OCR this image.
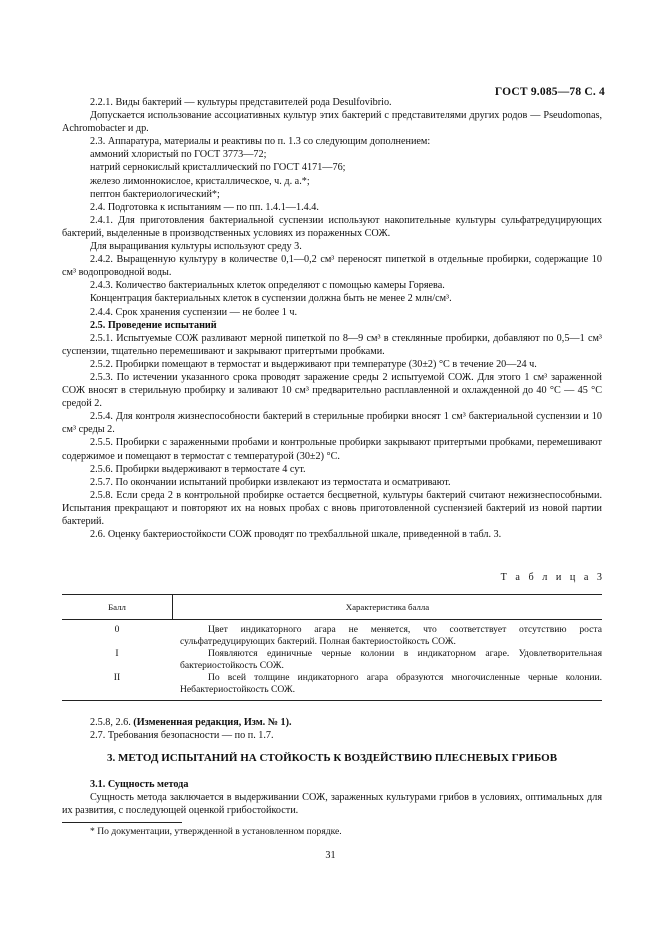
ГОСТ 9.085—78 С. 4

2.2.1. Виды бактерий — культуры представителей рода Desulfovibrio.

Допускается использование ассоциативных культур этих бактерий с представителями других родов — Pseudomonas, Achromobacter и др.

2.3. Аппаратура, материалы и реактивы по п. 1.3 со следующим дополнением:

аммоний хлористый по ГОСТ 3773—72;

натрий сернокислый кристаллический по ГОСТ 4171—76;

железо лимоннокислое, кристаллическое, ч. д. а.*;

пептон бактериологический*;

2.4. Подготовка к испытаниям — по пп. 1.4.1—1.4.4.

2.4.1. Для приготовления бактериальной суспензии используют накопительные культуры сульфатредуцирующих бактерий, выделенные в производственных условиях из пораженных СОЖ.

Для выращивания культуры используют среду 3.

2.4.2. Выращенную культуру в количестве 0,1—0,2 см³ переносят пипеткой в отдельные пробирки, содержащие 10 см³ водопроводной воды.

2.4.3. Количество бактериальных клеток определяют с помощью камеры Горяева.

Концентрация бактериальных клеток в суспензии должна быть не менее 2 млн/см³.

2.4.4. Срок хранения суспензии — не более 1 ч.

2.5. Проведение испытаний

2.5.1. Испытуемые СОЖ разливают мерной пипеткой по 8—9 см³ в стеклянные пробирки, добавляют по 0,5—1 см³ суспензии, тщательно перемешивают и закрывают притертыми пробками.

2.5.2. Пробирки помещают в термостат и выдерживают при температуре (30±2) °С в течение 20—24 ч.

2.5.3. По истечении указанного срока проводят заражение среды 2 испытуемой СОЖ. Для этого 1 см³ зараженной СОЖ вносят в стерильную пробирку и заливают 10 см³ предварительно расплавленной и охлажденной до 40 °С — 45 °С средой 2.

2.5.4. Для контроля жизнеспособности бактерий в стерильные пробирки вносят 1 см³ бактериальной суспензии и 10 см³ среды 2.

2.5.5. Пробирки с зараженными пробами и контрольные пробирки закрывают притертыми пробками, перемешивают содержимое и помещают в термостат с температурой (30±2) °С.

2.5.6. Пробирки выдерживают в термостате 4 сут.

2.5.7. По окончании испытаний пробирки извлекают из термостата и осматривают.

2.5.8. Если среда 2 в контрольной пробирке остается бесцветной, культуры бактерий считают нежизнеспособными. Испытания прекращают и повторяют их на новых пробах с вновь приготовленной суспензией бактерий из новой партии бактерий.

2.6. Оценку бактериостойкости СОЖ проводят по трехбалльной шкале, приведенной в табл. 3.

Т а б л и ц а 3
Балл	Характеристика балла
0	Цвет индикаторного агара не меняется, что соответствует отсутствию роста сульфатредуцирующих бактерий. Полная бактериостойкость СОЖ.
I	Появляются единичные черные колонии в индикаторном агаре. Удовлетворительная бактериостойкость СОЖ.
II	По всей толщине индикаторного агара образуются многочисленные черные колонии. Небактериостойкость СОЖ.

2.5.8, 2.6. (Измененная редакция, Изм. № 1).

2.7. Требования безопасности — по п. 1.7.

3. МЕТОД ИСПЫТАНИЙ НА СТОЙКОСТЬ К ВОЗДЕЙСТВИЮ ПЛЕСНЕВЫХ ГРИБОВ

3.1. Сущность метода

Сущность метода заключается в выдерживании СОЖ, зараженных культурами грибов в условиях, оптимальных для их развития, с последующей оценкой грибостойкости.

* По документации, утвержденной в установленном порядке.
31
